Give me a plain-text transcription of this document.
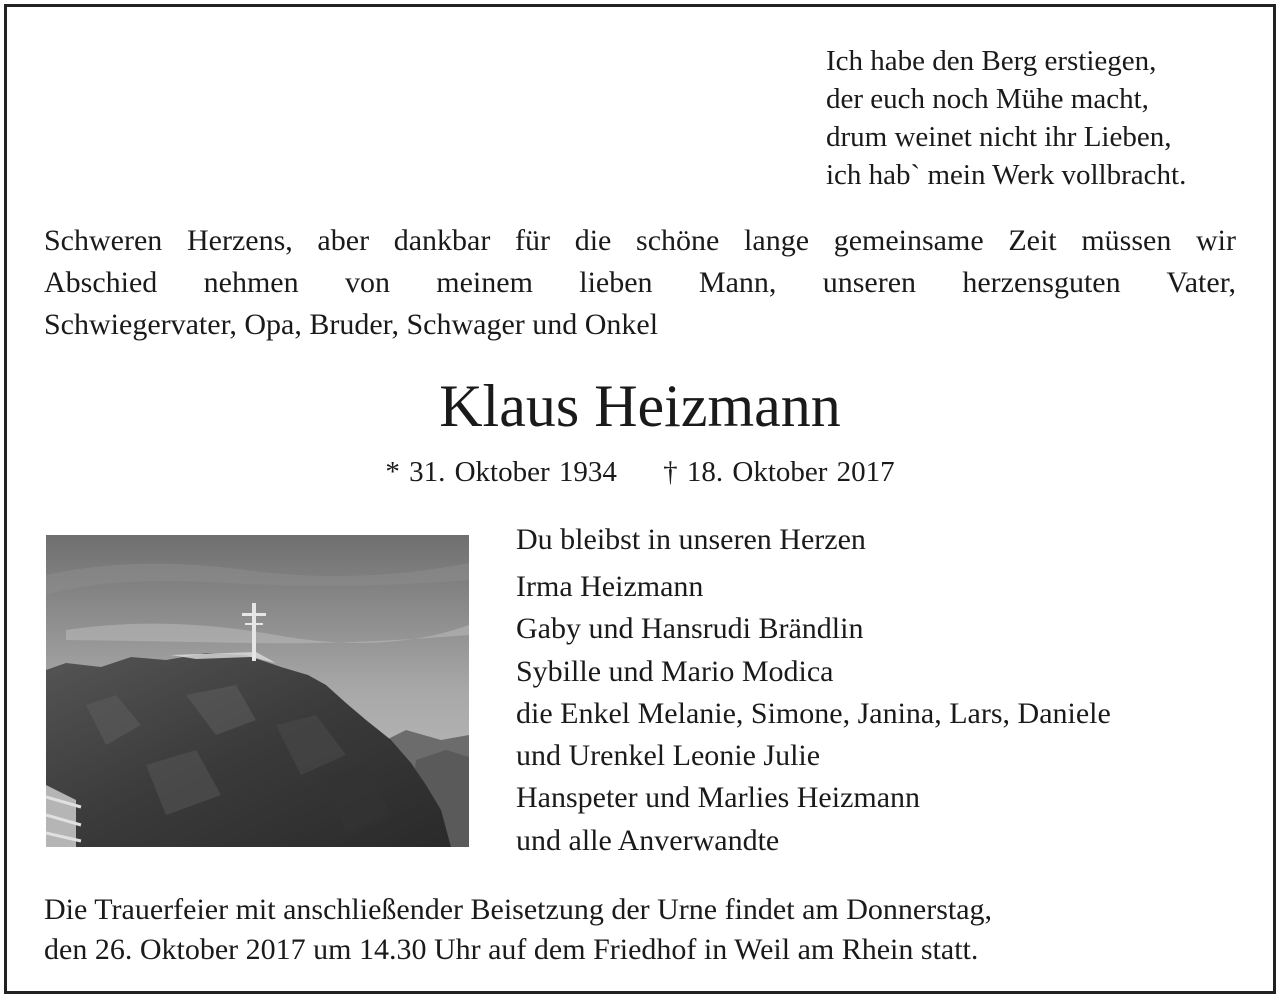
Ich habe den Berg erstiegen,
der euch noch Mühe macht,
drum weinet nicht ihr Lieben,
ich hab` mein Werk vollbracht.
Schweren Herzens, aber dankbar für die schöne lange gemeinsame Zeit müssen wir
Abschied nehmen von meinem lieben Mann, unseren herzensguten Vater,
Schwiegervater, Opa, Bruder, Schwager und Onkel
Klaus Heizmann
* 31. Oktober 1934 † 18. Oktober 2017
Du bleibst in unseren Herzen
Irma Heizmann
Gaby und Hansrudi Brändlin
Sybille und Mario Modica
die Enkel Melanie, Simone, Janina, Lars, Daniele
und Urenkel Leonie Julie
Hanspeter und Marlies Heizmann
und alle Anverwandte
Die Trauerfeier mit anschließender Beisetzung der Urne findet am Donnerstag,
den 26. Oktober 2017 um 14.30 Uhr auf dem Friedhof in Weil am Rhein statt.
